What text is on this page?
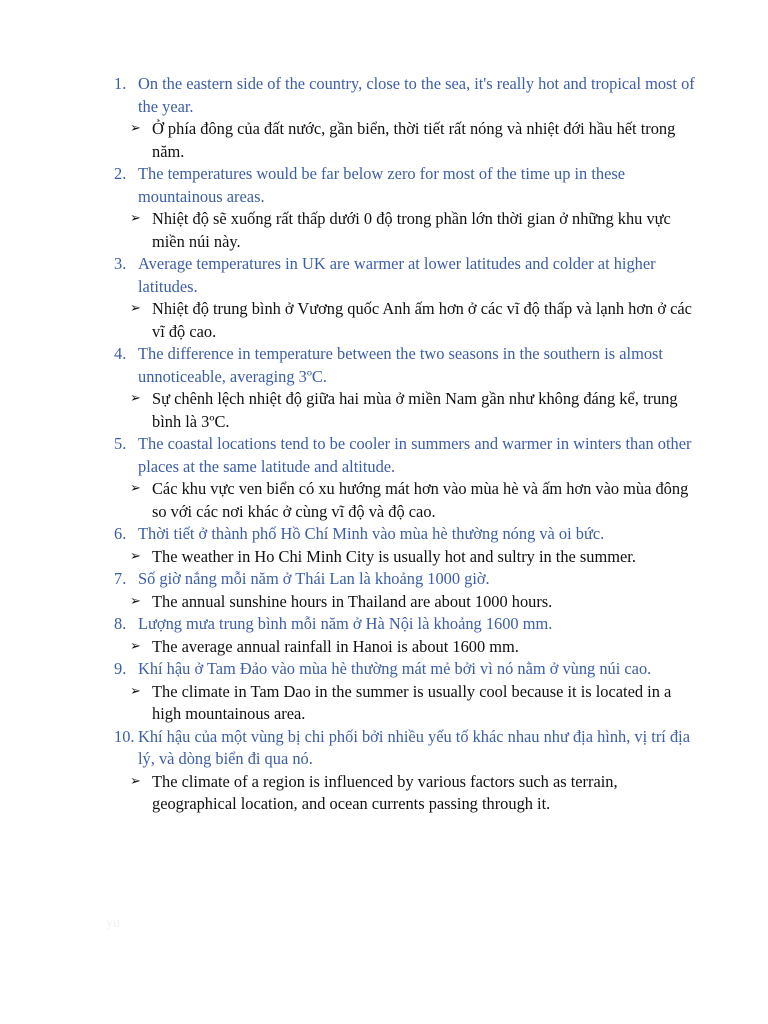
1. On the eastern side of the country, close to the sea, it's really hot and tropical most of the year.
➢ Ở phía đông của đất nước, gần biển, thời tiết rất nóng và nhiệt đới hầu hết trong năm.
2. The temperatures would be far below zero for most of the time up in these mountainous areas.
➢ Nhiệt độ sẽ xuống rất thấp dưới 0 độ trong phần lớn thời gian ở những khu vực miền núi này.
3. Average temperatures in UK are warmer at lower latitudes and colder at higher latitudes.
➢ Nhiệt độ trung bình ở Vương quốc Anh ấm hơn ở các vĩ độ thấp và lạnh hơn ở các vĩ độ cao.
4. The difference in temperature between the two seasons in the southern is almost unnoticeable, averaging 3ºC.
➢ Sự chênh lệch nhiệt độ giữa hai mùa ở miền Nam gần như không đáng kể, trung bình là 3ºC.
5. The coastal locations tend to be cooler in summers and warmer in winters than other places at the same latitude and altitude.
➢ Các khu vực ven biển có xu hướng mát hơn vào mùa hè và ấm hơn vào mùa đông so với các nơi khác ở cùng vĩ độ và độ cao.
6. Thời tiết ở thành phố Hồ Chí Minh vào mùa hè thường nóng và oi bức.
➢ The weather in Ho Chi Minh City is usually hot and sultry in the summer.
7. Số giờ nắng mỗi năm ở Thái Lan là khoảng 1000 giờ.
➢ The annual sunshine hours in Thailand are about 1000 hours.
8. Lượng mưa trung bình mỗi năm ở Hà Nội là khoảng 1600 mm.
➢ The average annual rainfall in Hanoi is about 1600 mm.
9. Khí hậu ở Tam Đảo vào mùa hè thường mát mẻ bởi vì nó nằm ở vùng núi cao.
➢ The climate in Tam Dao in the summer is usually cool because it is located in a high mountainous area.
10. Khí hậu của một vùng bị chi phối bởi nhiều yếu tố khác nhau như địa hình, vị trí địa lý, và dòng biển đi qua nó.
➢ The climate of a region is influenced by various factors such as terrain, geographical location, and ocean currents passing through it.
yu
